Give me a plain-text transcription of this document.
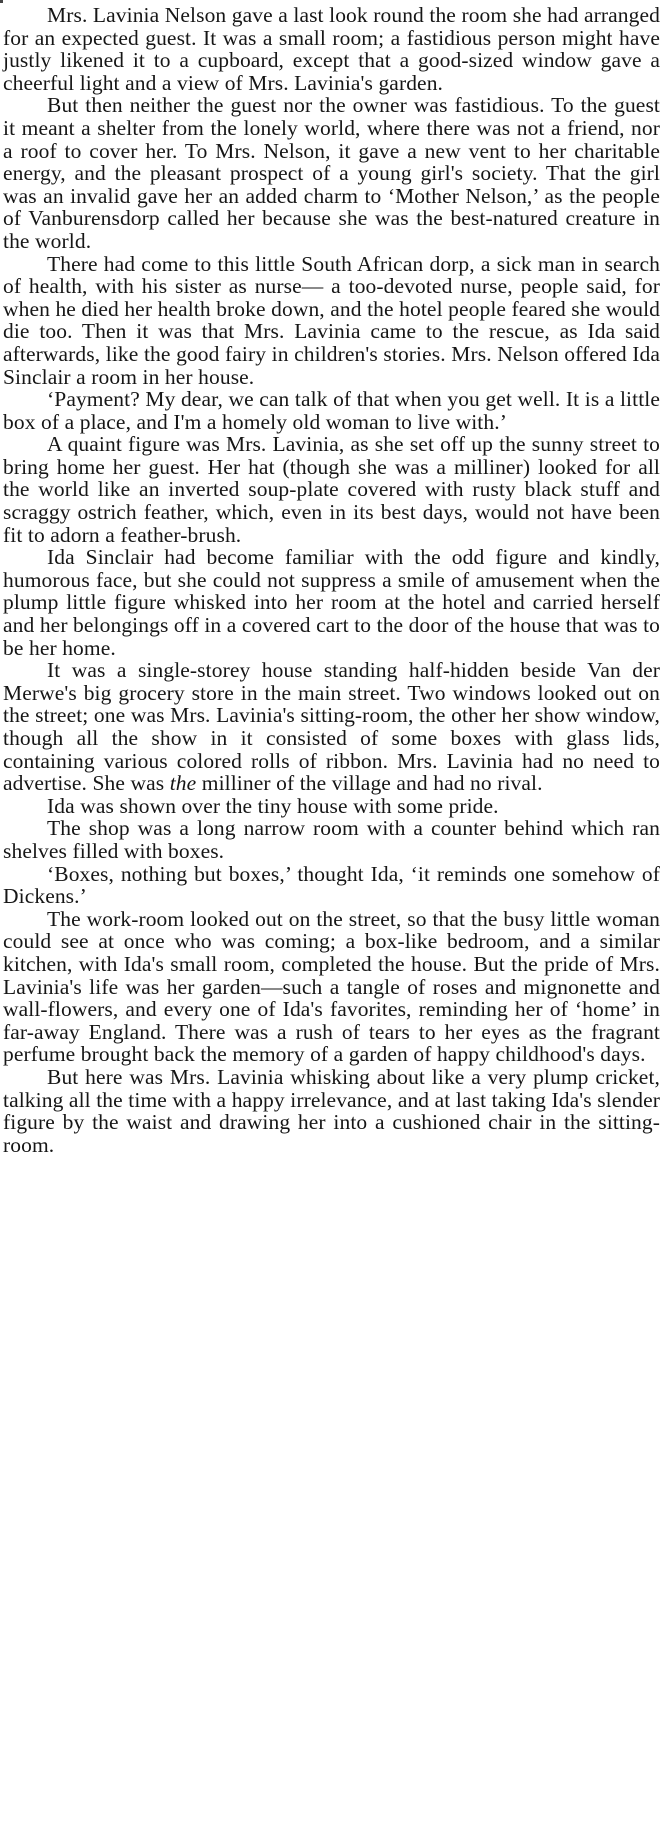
Mrs. Lavinia Nelson gave a last look round the room she had arranged for an expected guest. It was a small room; a fastidious person might have justly likened it to a cupboard, except that a good-sized window gave a cheerful light and a view of Mrs. Lavinia's garden.

But then neither the guest nor the owner was fastidious. To the guest it meant a shelter from the lonely world, where there was not a friend, nor a roof to cover her. To Mrs. Nelson, it gave a new vent to her charitable energy, and the pleasant prospect of a young girl's society. That the girl was an invalid gave her an added charm to ‘Mother Nelson,’ as the people of Vanburensdorp called her because she was the best-natured creature in the world.

There had come to this little South African dorp, a sick man in search of health, with his sister as nurse— a too-devoted nurse, people said, for when he died her health broke down, and the hotel people feared she would die too. Then it was that Mrs. Lavinia came to the rescue, as Ida said afterwards, like the good fairy in children's stories. Mrs. Nelson offered Ida Sinclair a room in her house.

‘Payment? My dear, we can talk of that when you get well. It is a little box of a place, and I'm a homely old woman to live with.’

A quaint figure was Mrs. Lavinia, as she set off up the sunny street to bring home her guest. Her hat (though she was a milliner) looked for all the world like an inverted soup-plate covered with rusty black stuff and scraggy ostrich feather, which, even in its best days, would not have been fit to adorn a feather-brush.

Ida Sinclair had become familiar with the odd figure and kindly, humorous face, but she could not suppress a smile of amusement when the plump little figure whisked into her room at the hotel and carried herself and her belongings off in a covered cart to the door of the house that was to be her home.

It was a single-storey house standing half-hidden beside Van der Merwe's big grocery store in the main street. Two windows looked out on the street; one was Mrs. Lavinia's sitting-room, the other her show window, though all the show in it consisted of some boxes with glass lids, containing various colored rolls of ribbon. Mrs. Lavinia had no need to advertise. She was the milliner of the village and had no rival.

Ida was shown over the tiny house with some pride.

The shop was a long narrow room with a counter behind which ran shelves filled with boxes.

‘Boxes, nothing but boxes,’ thought Ida, ‘it reminds one somehow of Dickens.’

The work-room looked out on the street, so that the busy little woman could see at once who was coming; a box-like bedroom, and a similar kitchen, with Ida's small room, completed the house. But the pride of Mrs. Lavinia's life was her garden—such a tangle of roses and mignonette and wall-flowers, and every one of Ida's favorites, reminding her of ‘home’ in far-away England. There was a rush of tears to her eyes as the fragrant perfume brought back the memory of a garden of happy childhood's days.

But here was Mrs. Lavinia whisking about like a very plump cricket, talking all the time with a happy irrelevance, and at last taking Ida's slender figure by the waist and drawing her into a cushioned chair in the sitting-room.
